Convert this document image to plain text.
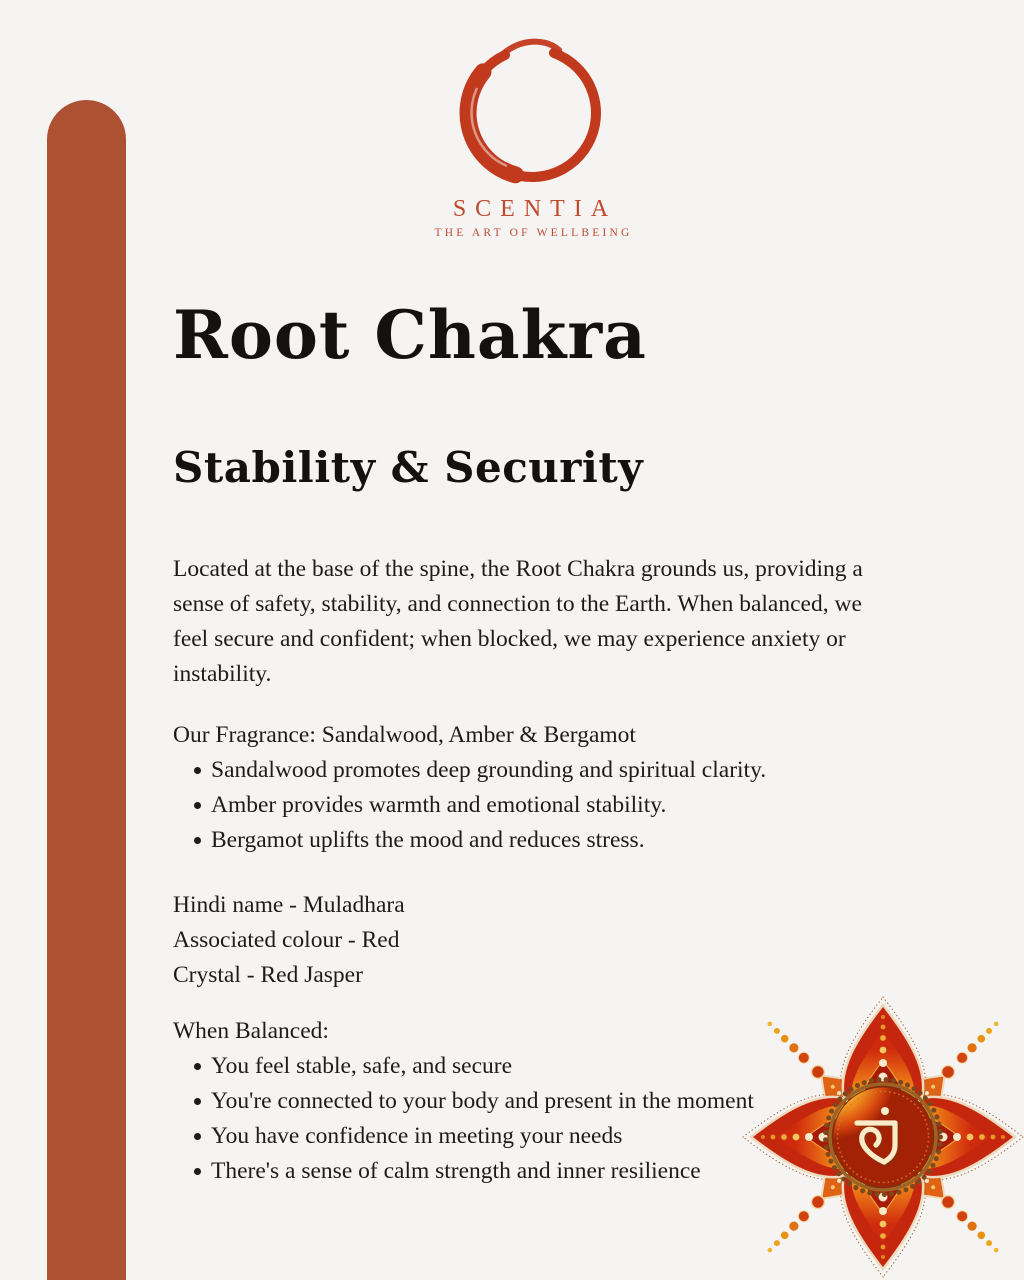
SCENTIA
THE ART OF WELLBEING
Root Chakra
Stability & Security
Located at the base of the spine, the Root Chakra grounds us, providing a
sense of safety, stability, and connection to the Earth. When balanced, we
feel secure and confident; when blocked, we may experience anxiety or
instability.
Our Fragrance: Sandalwood, Amber & Bergamot
Sandalwood promotes deep grounding and spiritual clarity.
Amber provides warmth and emotional stability.
Bergamot uplifts the mood and reduces stress.
Hindi name - Muladhara
Associated colour - Red
Crystal - Red Jasper
When Balanced:
You feel stable, safe, and secure
You're connected to your body and present in the moment
You have confidence in meeting your needs
There's a sense of calm strength and inner resilience
